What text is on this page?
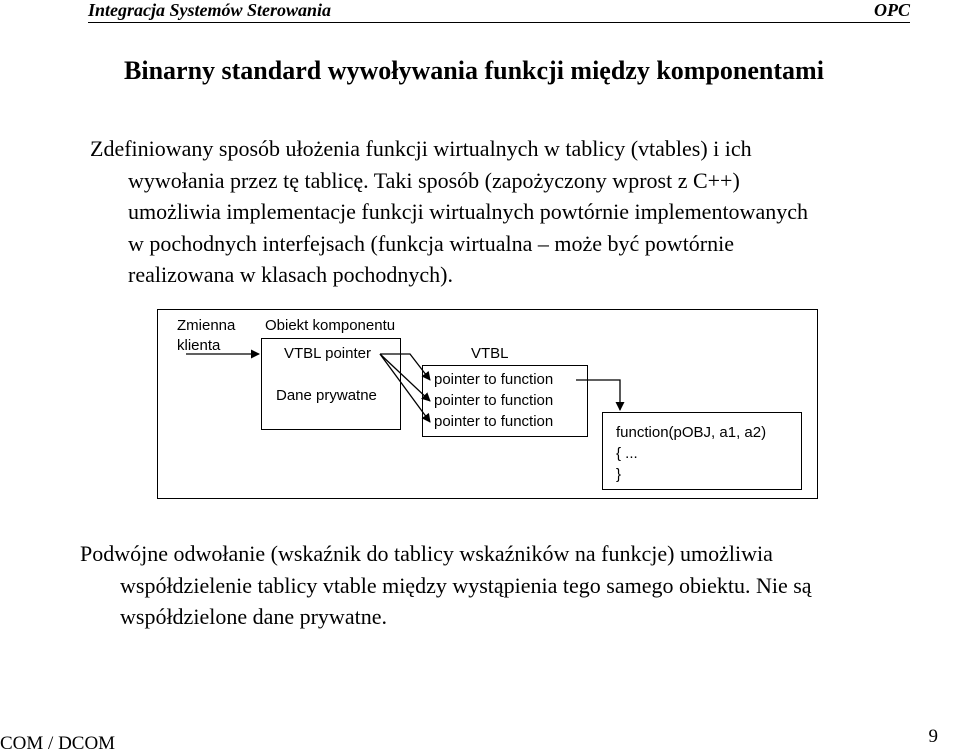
Integracja Systemów Sterowania	OPC
Binarny standard wywoływania funkcji między komponentami
Zdefiniowany sposób ułożenia funkcji wirtualnych w tablicy (vtables) i ich
wywołania przez tę tablicę. Taki sposób (zapożyczony wprost z C++)
umożliwia implementacje funkcji wirtualnych powtórnie implementowanych
w pochodnych interfejsach (funkcja wirtualna – może być powtórnie
realizowana w klasach pochodnych).
Zmienna
klienta
Obiekt komponentu
VTBL pointer
Dane prywatne
VTBL
pointer to function
pointer to function
pointer to function
function(pOBJ, a1, a2)
{ ...
}
Podwójne odwołanie (wskaźnik do tablicy wskaźników na funkcje) umożliwia
współdzielenie tablicy vtable między wystąpienia tego samego obiektu. Nie są
współdzielone dane prywatne.
COM / DCOM	9
